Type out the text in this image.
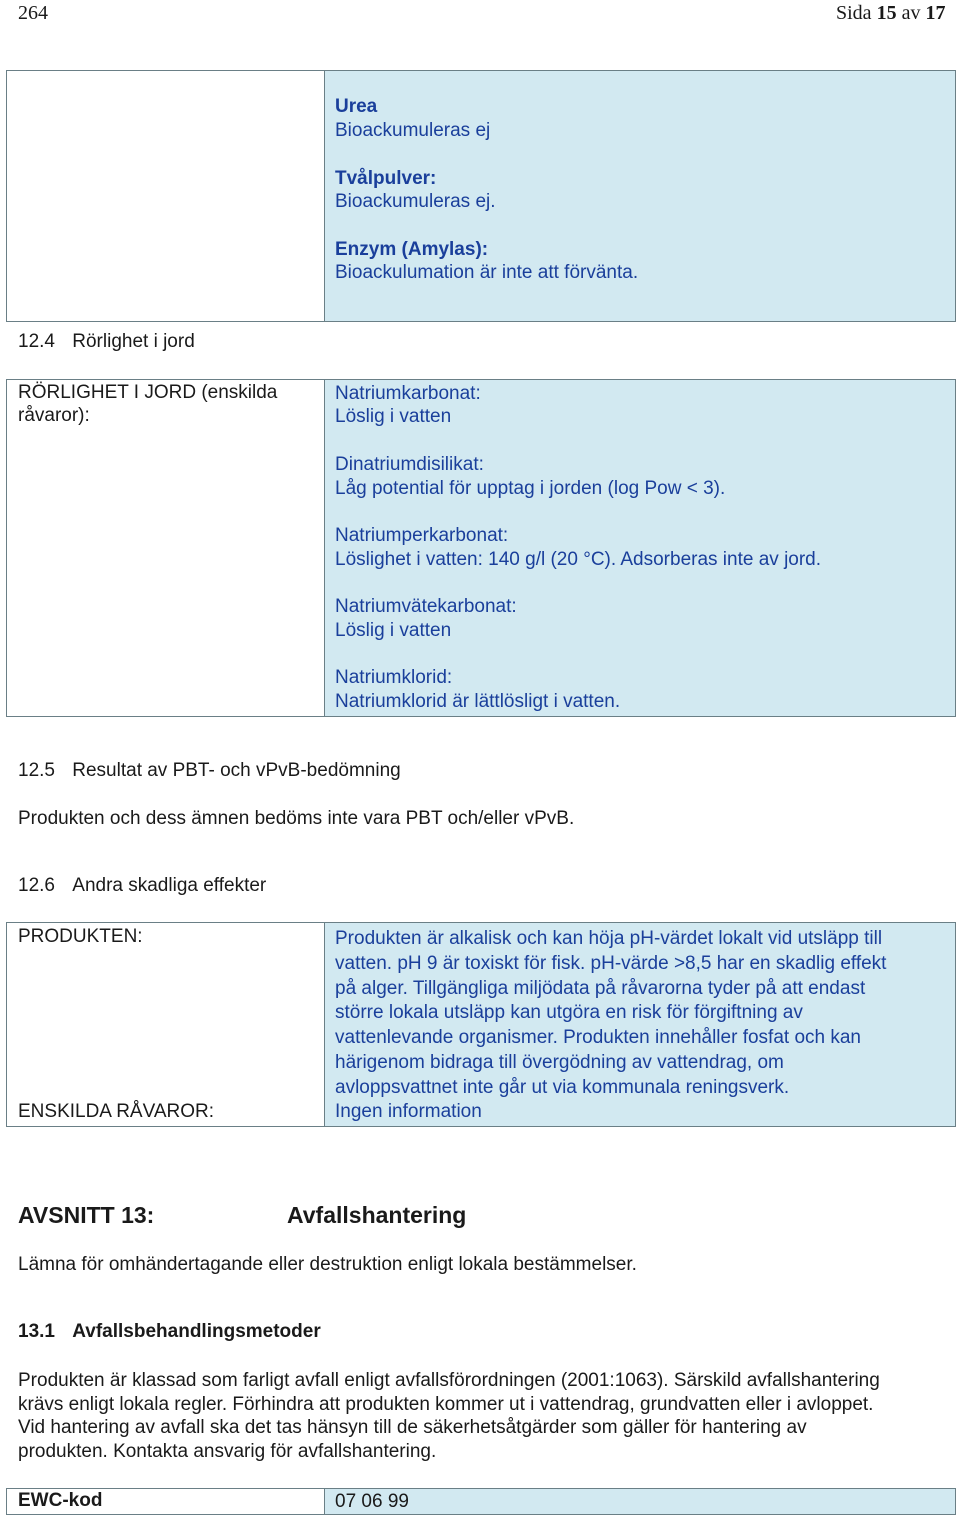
264	Sida 15 av 17
Urea
Bioackumuleras ej
Tvålpulver:
Bioackumuleras ej.
Enzym (Amylas):
Bioackulumation är inte att förvänta.
12.4 Rörlighet i jord
RÖRLIGHET I JORD (enskilda
råvaror):
Natriumkarbonat:
Löslig i vatten
Dinatriumdisilikat:
Låg potential för upptag i jorden (log Pow < 3).
Natriumperkarbonat:
Löslighet i vatten: 140 g/l (20 °C). Adsorberas inte av jord.
Natriumvätekarbonat:
Löslig i vatten
Natriumklorid:
Natriumklorid är lättlösligt i vatten.
12.5 Resultat av PBT- och vPvB-bedömning
Produkten och dess ämnen bedöms inte vara PBT och/eller vPvB.
12.6 Andra skadliga effekter
PRODUKTEN:	Produkten är alkalisk och kan höja pH-värdet lokalt vid utsläpp till
vatten. pH 9 är toxiskt för fisk. pH-värde >8,5 har en skadlig effekt
på alger. Tillgängliga miljödata på råvarorna tyder på att endast
större lokala utsläpp kan utgöra en risk för förgiftning av
vattenlevande organismer. Produkten innehåller fosfat och kan
härigenom bidraga till övergödning av vattendrag, om
avloppsvattnet inte går ut via kommunala reningsverk.
ENSKILDA RÅVAROR:	Ingen information
AVSNITT 13:	Avfallshantering
Lämna för omhändertagande eller destruktion enligt lokala bestämmelser.
13.1 Avfallsbehandlingsmetoder
Produkten är klassad som farligt avfall enligt avfallsförordningen (2001:1063). Särskild avfallshantering
krävs enligt lokala regler. Förhindra att produkten kommer ut i vattendrag, grundvatten eller i avloppet.
Vid hantering av avfall ska det tas hänsyn till de säkerhetsåtgärder som gäller för hantering av
produkten. Kontakta ansvarig för avfallshantering.
EWC-kod	07 06 99
